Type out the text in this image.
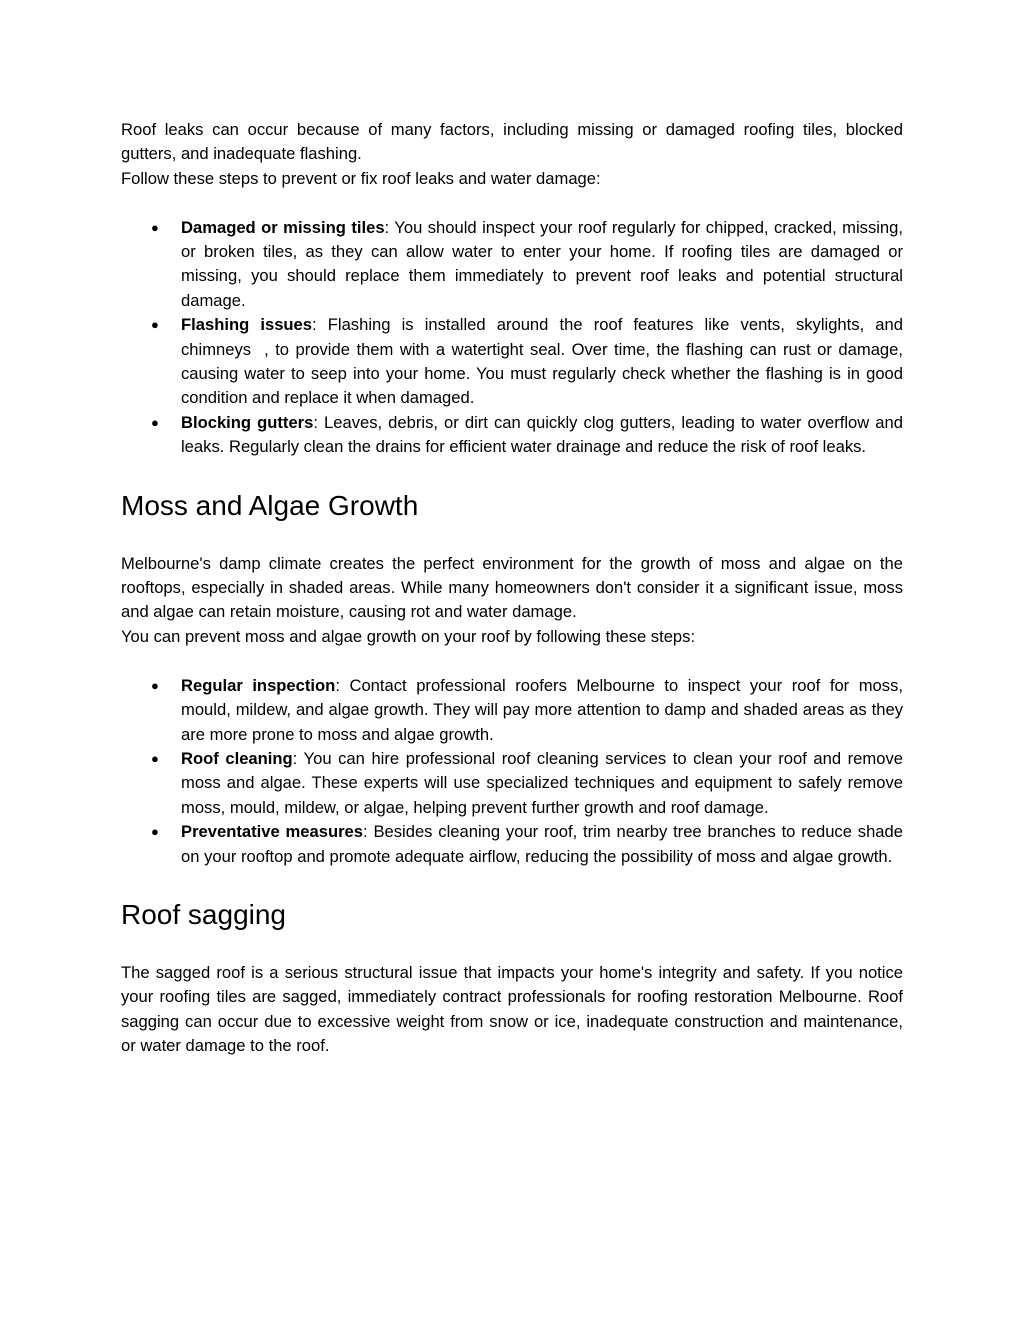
Roof leaks can occur because of many factors, including missing or damaged roofing tiles, blocked gutters, and inadequate flashing.

Follow these steps to prevent or fix roof leaks and water damage:

● Damaged or missing tiles: You should inspect your roof regularly for chipped, cracked, missing, or broken tiles, as they can allow water to enter your home. If roofing tiles are damaged or missing, you should replace them immediately to prevent roof leaks and potential structural damage.
● Flashing issues: Flashing is installed around the roof features like vents, skylights, and chimneys  , to provide them with a watertight seal. Over time, the flashing can rust or damage, causing water to seep into your home. You must regularly check whether the flashing is in good condition and replace it when damaged.
● Blocking gutters: Leaves, debris, or dirt can quickly clog gutters, leading to water overflow and leaks. Regularly clean the drains for efficient water drainage and reduce the risk of roof leaks.
Moss and Algae Growth

Melbourne's damp climate creates the perfect environment for the growth of moss and algae on the rooftops, especially in shaded areas. While many homeowners don't consider it a significant issue, moss and algae can retain moisture, causing rot and water damage.

You can prevent moss and algae growth on your roof by following these steps:

● Regular inspection: Contact professional roofers Melbourne to inspect your roof for moss, mould, mildew, and algae growth. They will pay more attention to damp and shaded areas as they are more prone to moss and algae growth.
● Roof cleaning: You can hire professional roof cleaning services to clean your roof and remove moss and algae. These experts will use specialized techniques and equipment to safely remove moss, mould, mildew, or algae, helping prevent further growth and roof damage.
● Preventative measures: Besides cleaning your roof, trim nearby tree branches to reduce shade on your rooftop and promote adequate airflow, reducing the possibility of moss and algae growth.
Roof sagging

The sagged roof is a serious structural issue that impacts your home's integrity and safety. If you notice your roofing tiles are sagged, immediately contract professionals for roofing restoration Melbourne. Roof sagging can occur due to excessive weight from snow or ice, inadequate construction and maintenance, or water damage to the roof.
